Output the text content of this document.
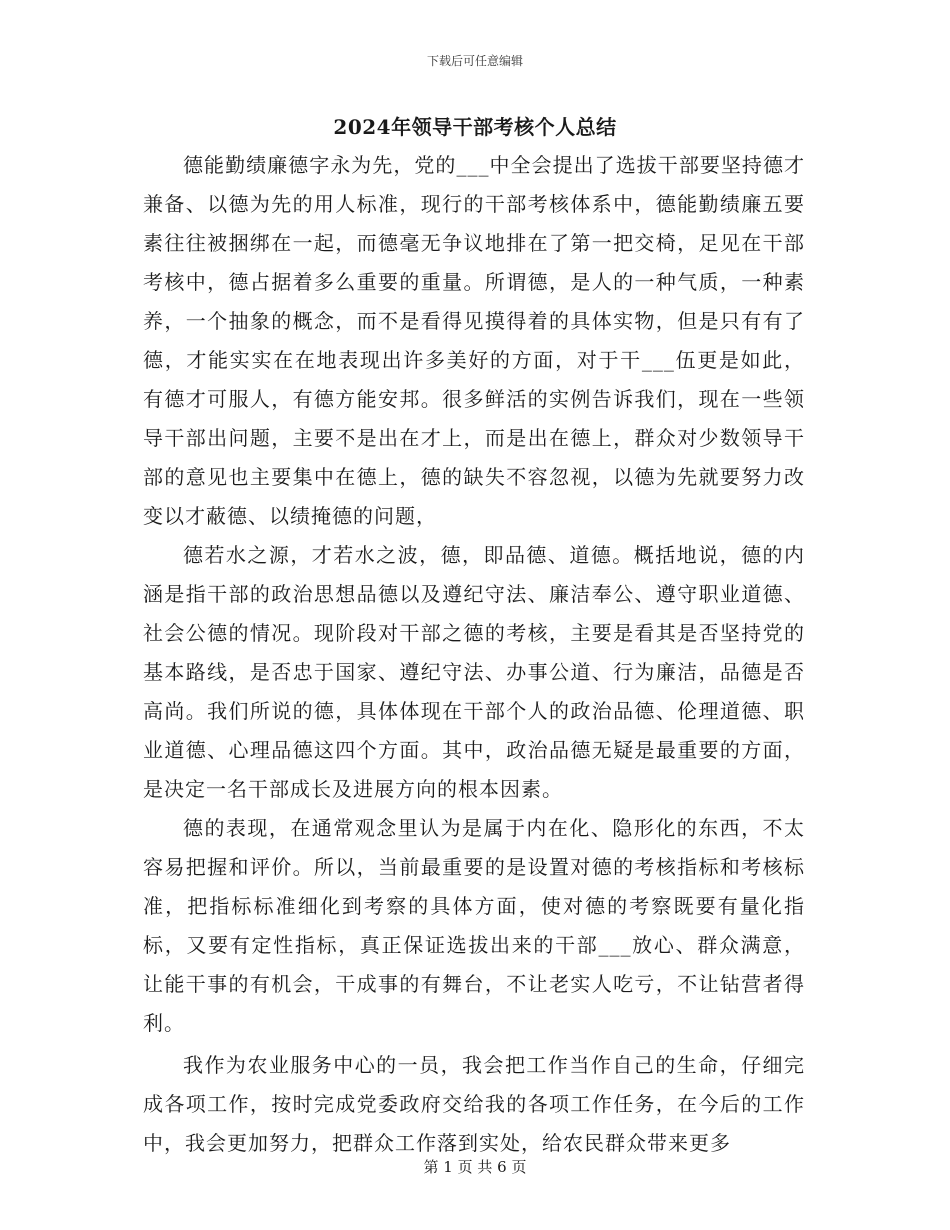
下载后可任意编辑
2024年领导干部考核个人总结

德能勤绩廉德字永为先，党的___中全会提出了选拔干部要坚持德才兼备、以德为先的用人标准，现行的干部考核体系中，德能勤绩廉五要素往往被捆绑在一起，而德毫无争议地排在了第一把交椅，足见在干部考核中，德占据着多么重要的重量。所谓德，是人的一种气质，一种素养，一个抽象的概念，而不是看得见摸得着的具体实物，但是只有有了德，才能实实在在地表现出许多美好的方面，对于干___伍更是如此，有德才可服人，有德方能安邦。很多鲜活的实例告诉我们，现在一些领导干部出问题，主要不是出在才上，而是出在德上，群众对少数领导干部的意见也主要集中在德上，德的缺失不容忽视，以德为先就要努力改变以才蔽德、以绩掩德的问题，

德若水之源，才若水之波，德，即品德、道德。概括地说，德的内涵是指干部的政治思想品德以及遵纪守法、廉洁奉公、遵守职业道德、社会公德的情况。现阶段对干部之德的考核，主要是看其是否坚持党的基本路线，是否忠于国家、遵纪守法、办事公道、行为廉洁，品德是否高尚。我们所说的德，具体体现在干部个人的政治品德、伦理道德、职业道德、心理品德这四个方面。其中，政治品德无疑是最重要的方面，是决定一名干部成长及进展方向的根本因素。

德的表现，在通常观念里认为是属于内在化、隐形化的东西，不太容易把握和评价。所以，当前最重要的是设置对德的考核指标和考核标准，把指标标准细化到考察的具体方面，使对德的考察既要有量化指标，又要有定性指标，真正保证选拔出来的干部___放心、群众满意，让能干事的有机会，干成事的有舞台，不让老实人吃亏，不让钻营者得利。

我作为农业服务中心的一员，我会把工作当作自己的生命，仔细完成各项工作，按时完成党委政府交给我的各项工作任务，在今后的工作中，我会更加努力，把群众工作落到实处，给农民群众带来更多

第 1 页 共 6 页
